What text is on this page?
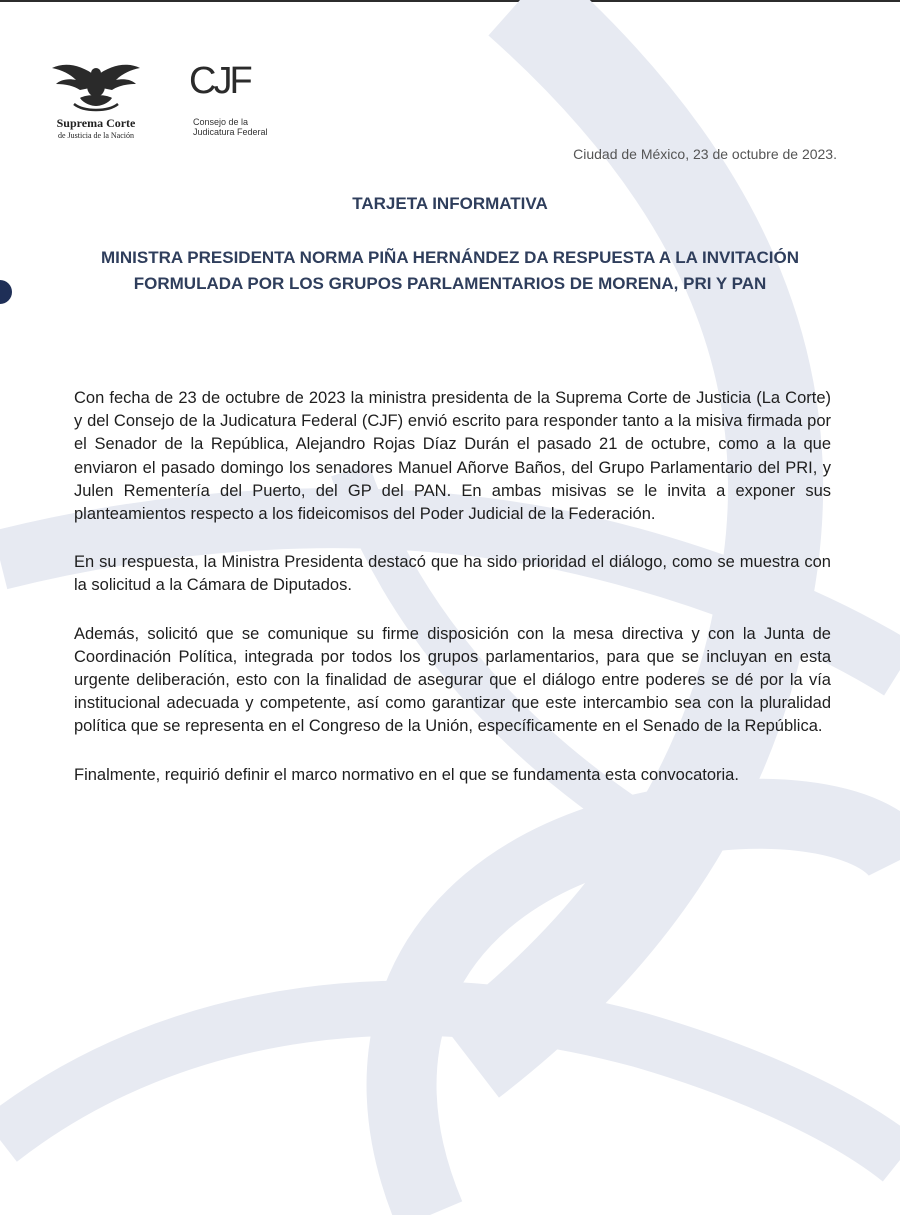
Suprema Corte
de Justicia de la Nación
CJF
Consejo de la
Judicatura Federal
Ciudad de México, 23 de octubre de 2023.
TARJETA INFORMATIVA
MINISTRA PRESIDENTA NORMA PIÑA HERNÁNDEZ DA RESPUESTA A LA INVITACIÓN FORMULADA POR LOS GRUPOS PARLAMENTARIOS DE MORENA, PRI Y PAN

Con fecha de 23 de octubre de 2023 la ministra presidenta de la Suprema Corte de Justicia (La Corte) y del Consejo de la Judicatura Federal (CJF) envió escrito para responder tanto a la misiva firmada por el Senador de la República, Alejandro Rojas Díaz Durán el pasado 21 de octubre, como a la que enviaron el pasado domingo los senadores Manuel Añorve Baños, del Grupo Parlamentario del PRI, y Julen Rementería del Puerto, del GP del PAN. En ambas misivas se le invita a exponer sus planteamientos respecto a los fideicomisos del Poder Judicial de la Federación.

En su respuesta, la Ministra Presidenta destacó que ha sido prioridad el diálogo, como se muestra con la solicitud a la Cámara de Diputados.

Además, solicitó que se comunique su firme disposición con la mesa directiva y con la Junta de Coordinación Política, integrada por todos los grupos parlamentarios, para que se incluyan en esta urgente deliberación, esto con la finalidad de asegurar que el diálogo entre poderes se dé por la vía institucional adecuada y competente, así como garantizar que este intercambio sea con la pluralidad política que se representa en el Congreso de la Unión, específicamente en el Senado de la República.

Finalmente, requirió definir el marco normativo en el que se fundamenta esta convocatoria.
